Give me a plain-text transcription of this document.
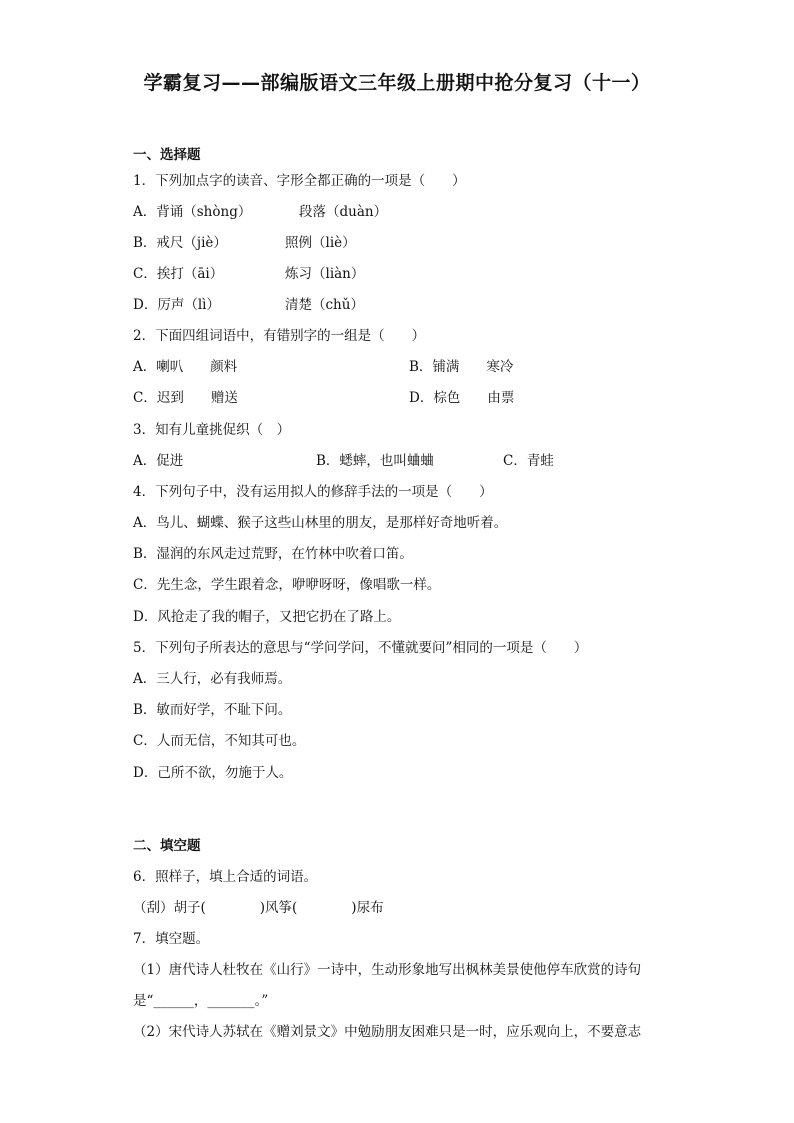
学霸复习——部编版语文三年级上册期中抢分复习（十一）
一、选择题
1．下列加点字的读音、字形全都正确的一项是（　　）
A．背诵（shòng）	段落（duàn）
B．戒尺（jiè）	照例（liè）
C．挨打（āi）	炼习（liàn）
D．厉声（lì）	清楚（chǔ）
2．下面四组词语中，有错别字的一组是（　　）
A．喇叭　　颜料	B．铺满　　寒冷
C．迟到　　赠送	D．棕色　　由票
3．知有儿童挑促织（　）
A．促进	B．蟋蟀，也叫蛐蛐	C．青蛙
4．下列句子中，没有运用拟人的修辞手法的一项是（　　）
A．鸟儿、蝴蝶、猴子这些山林里的朋友，是那样好奇地听着。
B．湿润的东风走过荒野，在竹林中吹着口笛。
C．先生念，学生跟着念，咿咿呀呀，像唱歌一样。
D．风抢走了我的帽子，又把它扔在了路上。
5．下列句子所表达的意思与“学问学问，不懂就要问”相同的一项是（　　）
A．三人行，必有我师焉。
B．敏而好学，不耻下问。
C．人而无信，不知其可也。
D．己所不欲，勿施于人。
二、填空题
6．照样子，填上合适的词语。
（刮）胡子(　　　　)风筝(　　　　)尿布
7．填空题。
（1）唐代诗人杜牧在《山行》一诗中，生动形象地写出枫林美景使他停车欣赏的诗句
是“______，_______。”
（2）宋代诗人苏轼在《赠刘景文》中勉励朋友困难只是一时，应乐观向上，不要意志
